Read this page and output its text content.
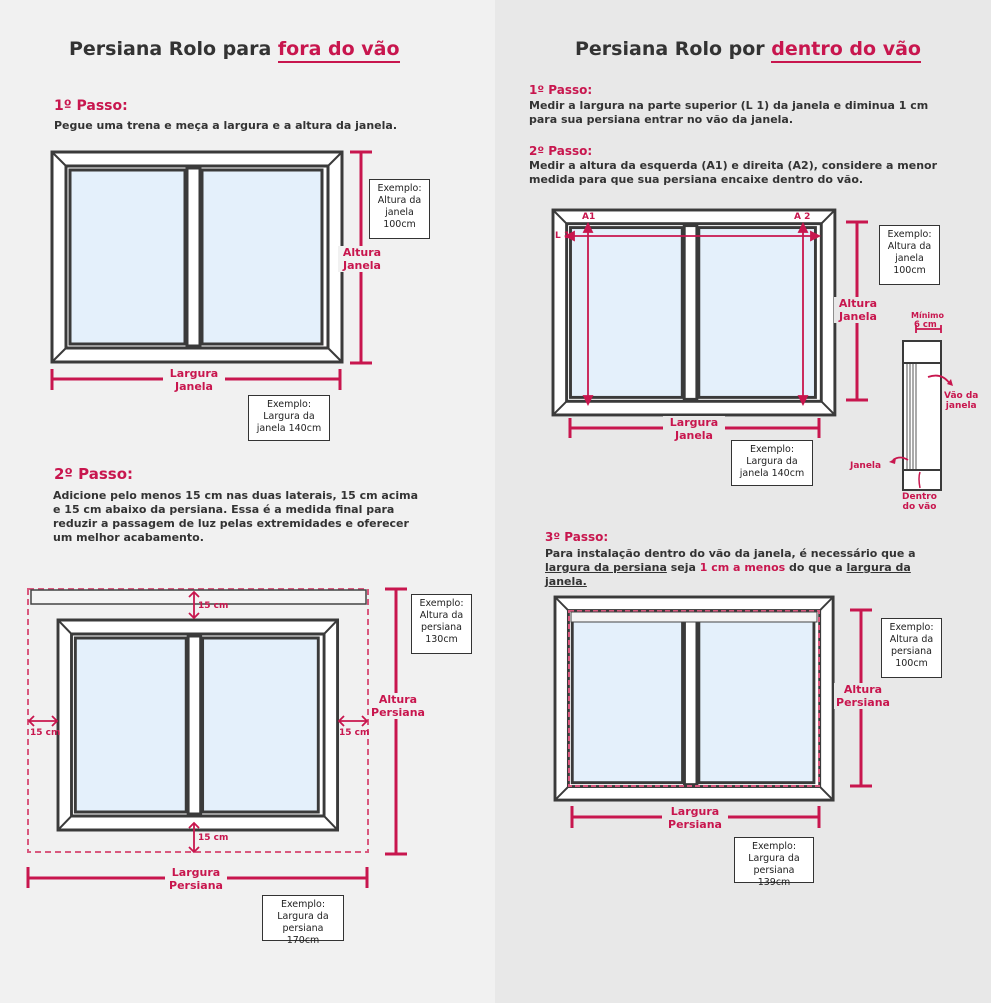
Persiana Rolo para fora do vão
1º Passo:
Pegue uma trena e meça a largura e a altura da janela.
Exemplo:
Altura da
janela
100cm
Altura
Janela
Largura
Janela
Exemplo:
Largura da
janela 140cm
2º Passo:
Adicione pelo menos 15 cm nas duas laterais, 15 cm acima e 15 cm abaixo da persiana. Essa é a medida final para reduzir a passagem de luz pelas extremidades e oferecer um melhor acabamento.
15 cm
15 cm	15 cm
15 cm
Exemplo:
Altura da
persiana
130cm
Altura
Persiana
Largura
Persiana
Exemplo:
Largura da
persiana 170cm
Persiana Rolo por dentro do vão
1º Passo:
Medir a largura na parte superior (L 1) da janela e diminua 1 cm para sua persiana entrar no vão da janela.
2º Passo:
Medir a altura da esquerda (A1) e direita (A2), considere a menor medida para que sua persiana encaixe dentro do vão.
A1	A 2
L 1	Exemplo:
Altura da
janela
100cm
Altura
Janela
Largura
Janela
Exemplo:
Largura da
janela 140cm
Mínimo
6 cm
Vão da
janela
Janela
Dentro
do vão
3º Passo:
Para instalação dentro do vão da janela, é necessário que a largura da persiana seja 1 cm a menos do que a largura da janela.
Exemplo:
Altura da
persiana
100cm
Altura
Persiana
Largura
Persiana
Exemplo:
Largura da
persiana 139cm
